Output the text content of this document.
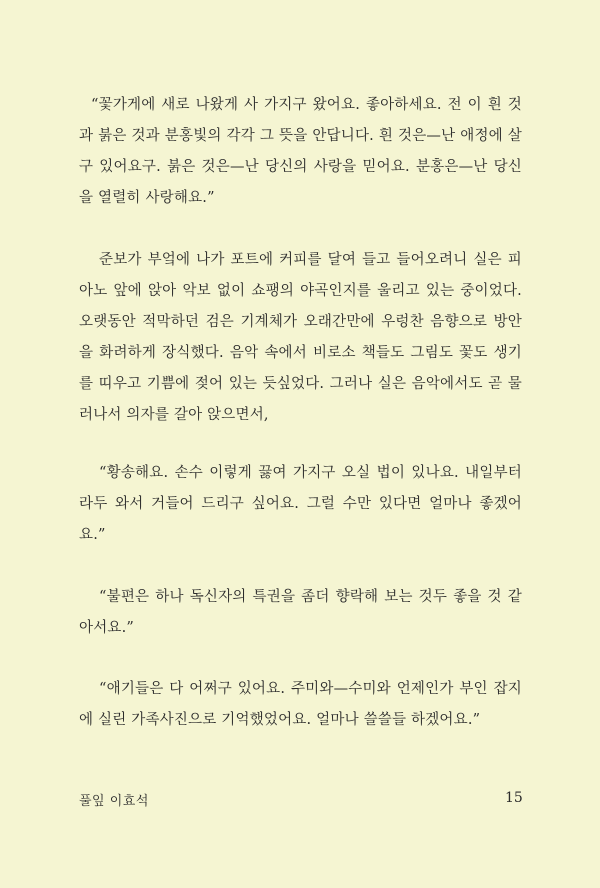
“꽃가게에 새로 나왔게 사 가지구 왔어요. 좋아하세요. 전 이 흰 것과 붉은 것과 분홍빛의 각각 그 뜻을 안답니다. 흰 것은—난 애정에 살구 있어요구. 붉은 것은—난 당신의 사랑을 믿어요. 분홍은—난 당신을 열렬히 사랑해요.”

준보가 부엌에 나가 포트에 커피를 달여 들고 들어오려니 실은 피아노 앞에 앉아 악보 없이 쇼팽의 야곡인지를 울리고 있는 중이었다. 오랫동안 적막하던 검은 기계체가 오래간만에 우렁찬 음향으로 방안을 화려하게 장식했다. 음악 속에서 비로소 책들도 그림도 꽃도 생기를 띠우고 기쁨에 젖어 있는 듯싶었다. 그러나 실은 음악에서도 곧 물러나서 의자를 갈아 앉으면서,

“황송해요. 손수 이렇게 끓여 가지구 오실 법이 있나요. 내일부터라두 와서 거들어 드리구 싶어요. 그럴 수만 있다면 얼마나 좋겠어요.”

“불편은 하나 독신자의 특권을 좀더 향락해 보는 것두 좋을 것 같아서요.”

“애기들은 다 어쩌구 있어요. 주미와—수미와 언제인가 부인 잡지에 실린 가족사진으로 기억했었어요. 얼마나 쓸쓸들 하겠어요.”

풀잎 이효석	15
